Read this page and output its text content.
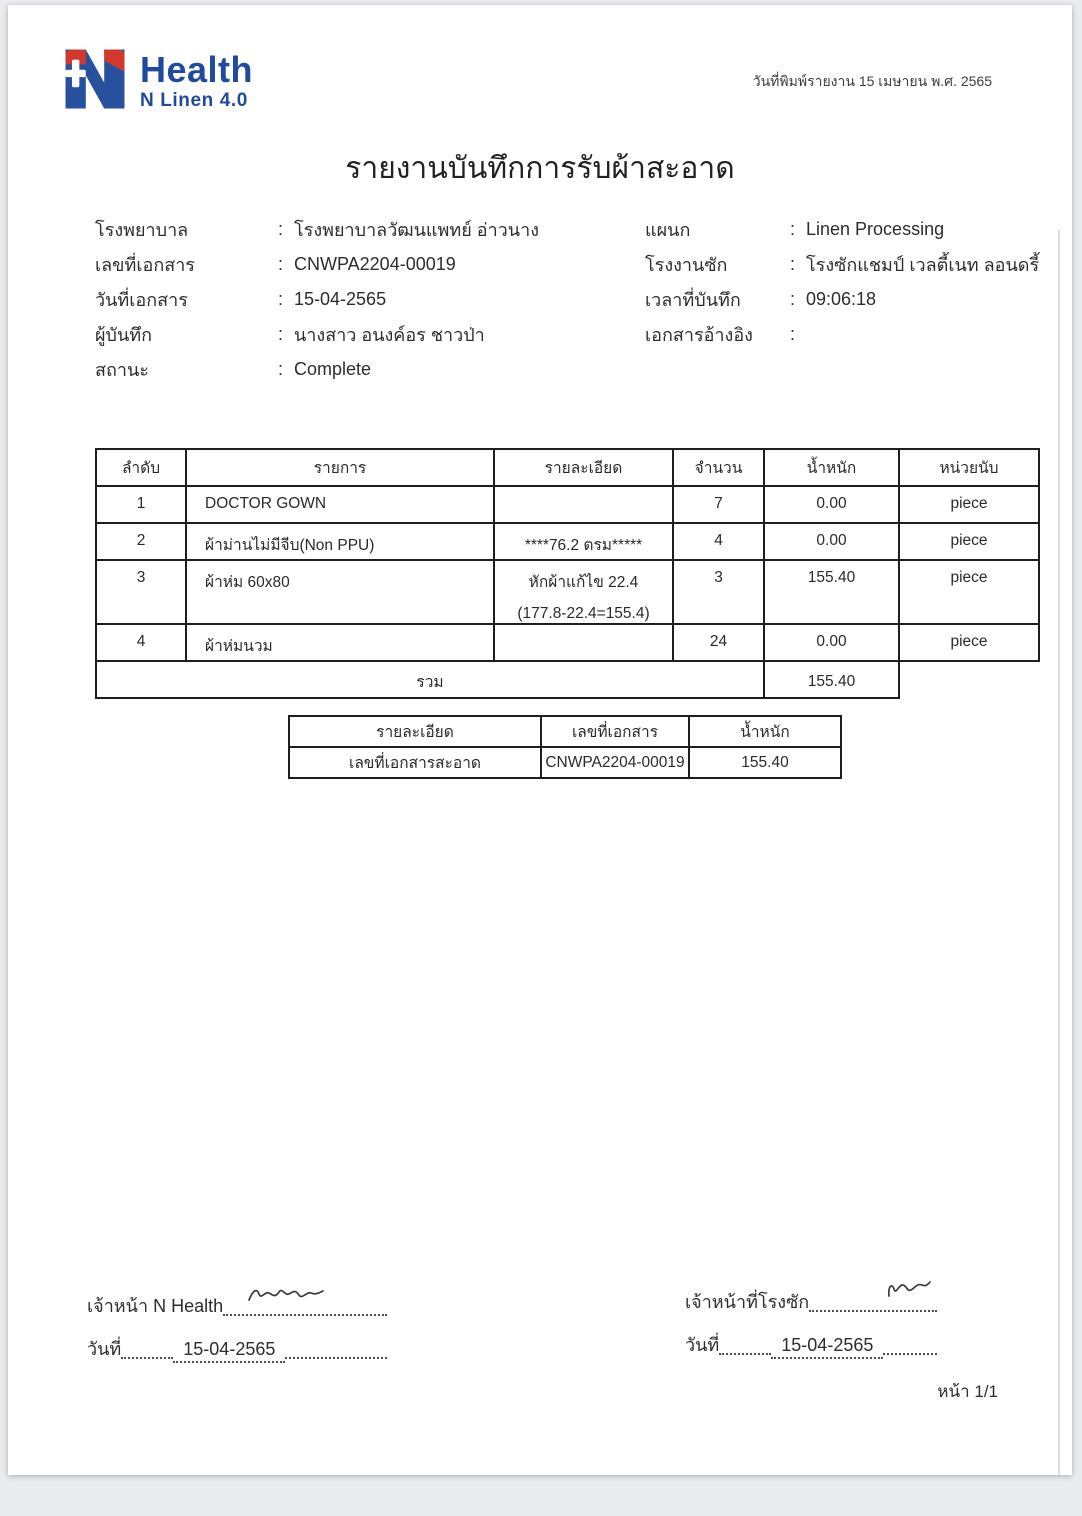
Health
N Linen 4.0
วันที่พิมพ์รายงาน 15 เมษายน พ.ศ. 2565
รายงานบันทึกการรับผ้าสะอาด
โรงพยาบาล	: โรงพยาบาลวัฒนแพทย์ อ่าวนาง
เลขที่เอกสาร	: CNWPA2204-00019
วันที่เอกสาร	: 15-04-2565
ผู้บันทึก	: นางสาว อนงค์อร ชาวป่า
สถานะ	: Complete
แผนก	: Linen Processing
โรงงานซัก	: โรงซักแชมป์ เวลตี้เนท ลอนดรี้
เวลาที่บันทึก	: 09:06:18
เอกสารอ้างอิง	:
ลำดับ	รายการ	รายละเอียด	จำนวน	น้ำหนัก	หน่วยนับ
1	DOCTOR GOWN		7	0.00	piece
2	ผ้าม่านไม่มีจีบ(Non PPU)	****76.2 ตรม*****	4	0.00	piece
3	ผ้าห่ม 60x80	หักผ้าแก้ไข 22.4
(177.8-22.4=155.4)	3	155.40	piece
4	ผ้าห่มนวม		24	0.00	piece
รวม				155.40	
รายละเอียด	เลขที่เอกสาร	น้ำหนัก
เลขที่เอกสารสะอาด	CNWPA2204-00019	155.40
เจ้าหน้า N Health
วันที่	15-04-2565
เจ้าหน้าที่โรงซัก
วันที่	15-04-2565
หน้า 1/1
